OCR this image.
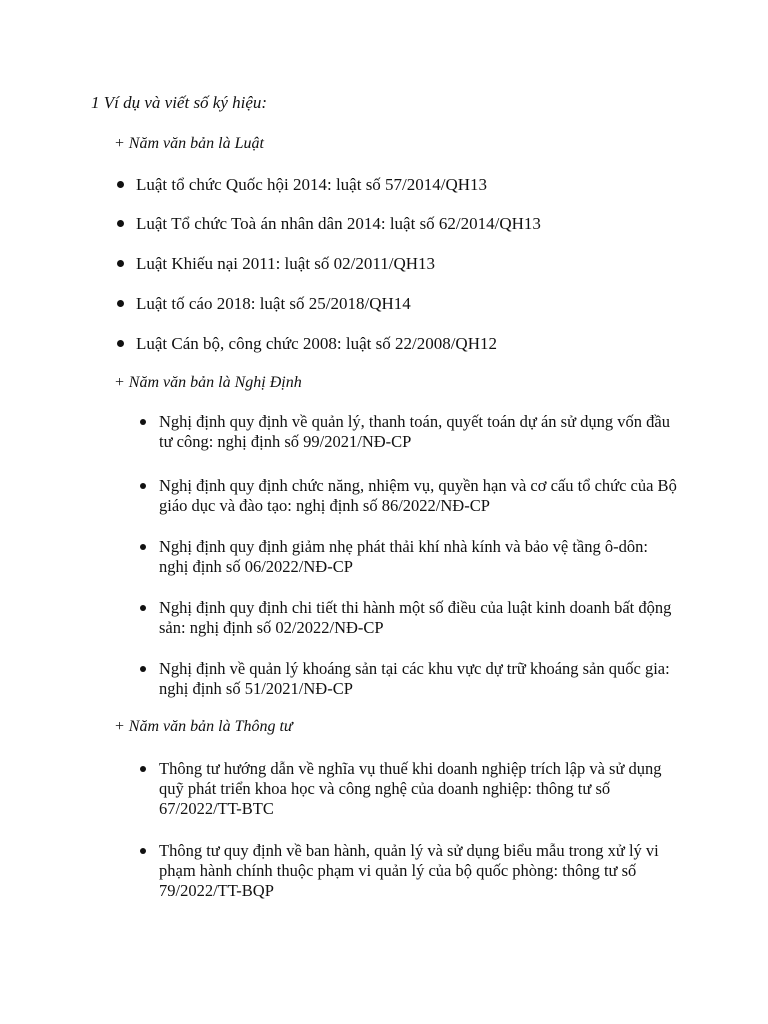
1 Ví dụ và viết số ký hiệu:
+ Năm văn bản là Luật
Luật tổ chức Quốc hội 2014: luật số 57/2014/QH13
Luật Tổ chức Toà án nhân dân 2014: luật số 62/2014/QH13
Luật Khiếu nại 2011: luật số 02/2011/QH13
Luật tố cáo 2018: luật số 25/2018/QH14
Luật Cán bộ, công chức 2008: luật số 22/2008/QH12
+ Năm văn bản là Nghị Định
Nghị định quy định về quản lý, thanh toán, quyết toán dự án sử dụng vốn đầu tư công: nghị định số 99/2021/NĐ-CP
Nghị định quy định chức năng, nhiệm vụ, quyền hạn và cơ cấu tổ chức của Bộ giáo dục và đào tạo: nghị định số 86/2022/NĐ-CP
Nghị định quy định giảm nhẹ phát thải khí nhà kính và bảo vệ tầng ô-dôn: nghị định số 06/2022/NĐ-CP
Nghị định quy định chi tiết thi hành một số điều của luật kinh doanh bất động sản: nghị định số 02/2022/NĐ-CP
Nghị định về quản lý khoáng sản tại các khu vực dự trữ khoáng sản quốc gia: nghị định số 51/2021/NĐ-CP
+ Năm văn bản là Thông tư
Thông tư hướng dẫn về nghĩa vụ thuế khi doanh nghiệp trích lập và sử dụng quỹ phát triển khoa học và công nghệ của doanh nghiệp: thông tư số 67/2022/TT-BTC
Thông tư quy định về ban hành, quản lý và sử dụng biểu mẫu trong xử lý vi phạm hành chính thuộc phạm vi quản lý của bộ quốc phòng: thông tư số 79/2022/TT-BQP
